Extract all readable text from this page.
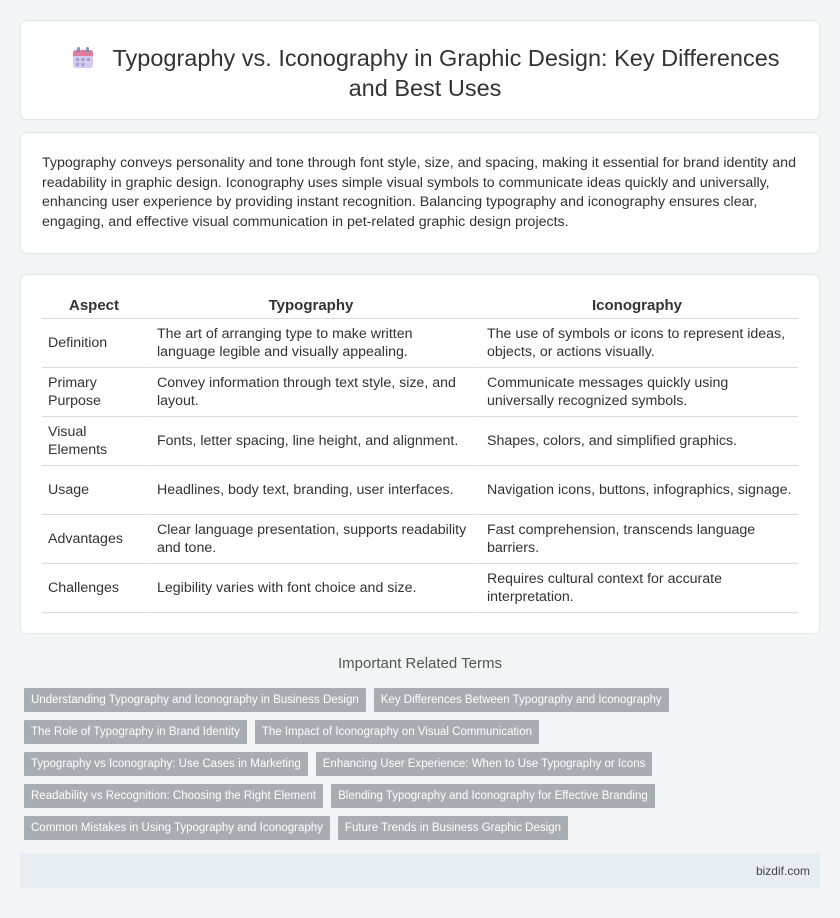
Typography vs. Iconography in Graphic Design: Key Differences and Best Uses

Typography conveys personality and tone through font style, size, and spacing, making it essential for brand identity and readability in graphic design. Iconography uses simple visual symbols to communicate ideas quickly and universally, enhancing user experience by providing instant recognition. Balancing typography and iconography ensures clear, engaging, and effective visual communication in pet-related graphic design projects.

Aspect	Typography	Iconography
Definition	The art of arranging type to make written language legible and visually appealing.	The use of symbols or icons to represent ideas, objects, or actions visually.
Primary Purpose	Convey information through text style, size, and layout.	Communicate messages quickly using universally recognized symbols.
Visual Elements	Fonts, letter spacing, line height, and alignment.	Shapes, colors, and simplified graphics.
Usage	Headlines, body text, branding, user interfaces.	Navigation icons, buttons, infographics, signage.
Advantages	Clear language presentation, supports readability and tone.	Fast comprehension, transcends language barriers.
Challenges	Legibility varies with font choice and size.	Requires cultural context for accurate interpretation.
Important Related Terms
Understanding Typography and Iconography in Business Design	Key Differences Between Typography and Iconography
The Role of Typography in Brand Identity	The Impact of Iconography on Visual Communication
Typography vs Iconography: Use Cases in Marketing	Enhancing User Experience: When to Use Typography or Icons
Readability vs Recognition: Choosing the Right Element	Blending Typography and Iconography for Effective Branding
Common Mistakes in Using Typography and Iconography	Future Trends in Business Graphic Design
bizdif.com
